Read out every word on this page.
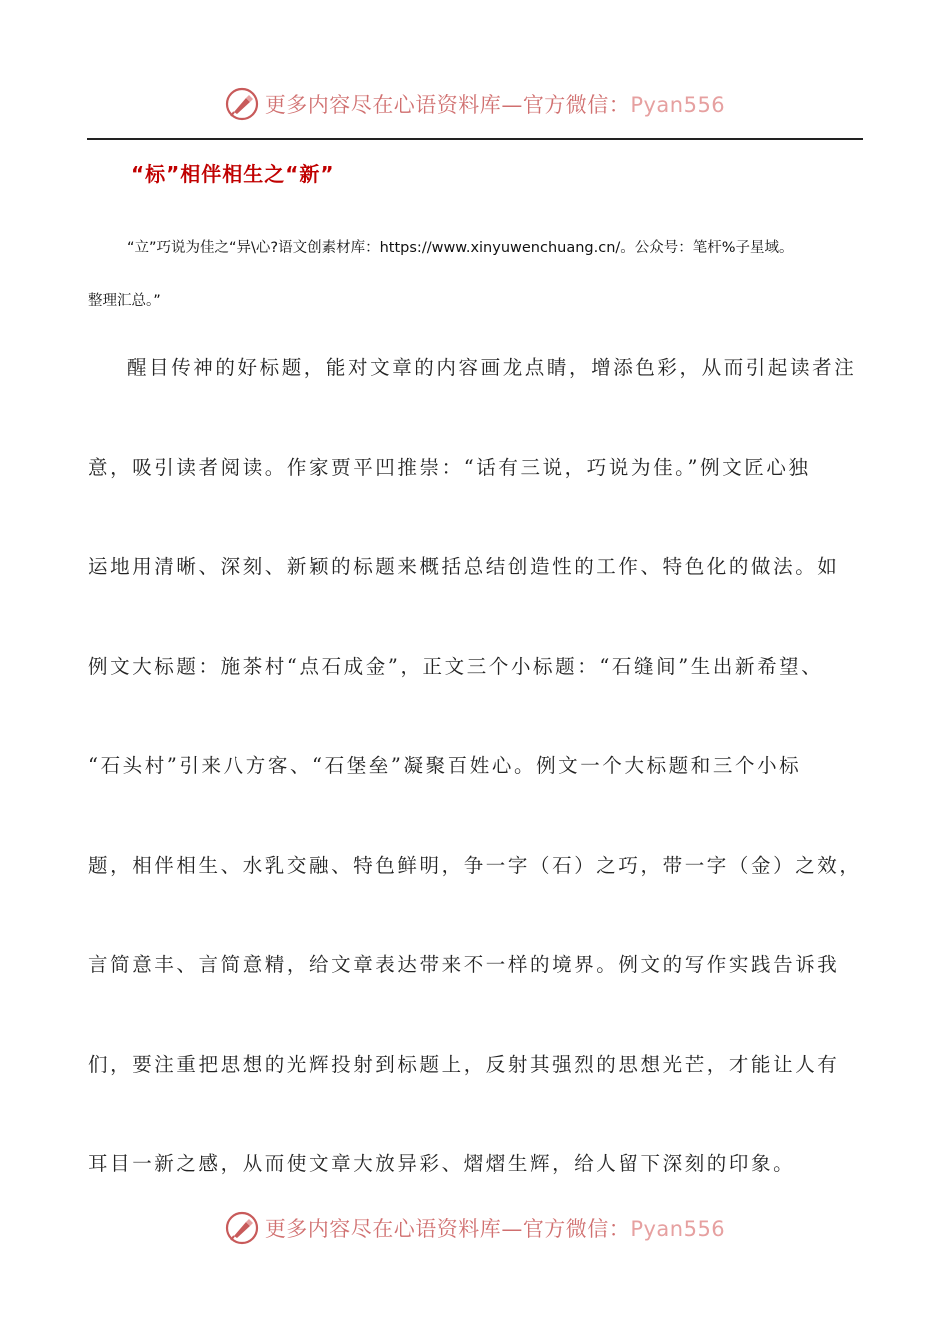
更多内容尽在心语资料库—官方微信：Pyan556
“标”相伴相生之“新”
“立”巧说为佳之“异\心?语文创素材库：https://www.xinyuwenchuang.cn/。公众号：笔杆%子星域。
整理汇总。”
醒目传神的好标题，能对文章的内容画龙点睛，增添色彩，从而引起读者注
意，吸引读者阅读。作家贾平凹推崇：“话有三说，巧说为佳。”例文匠心独
运地用清晰、深刻、新颖的标题来概括总结创造性的工作、特色化的做法。如
例文大标题：施茶村“点石成金”，正文三个小标题：“石缝间”生出新希望、
“石头村”引来八方客、“石堡垒”凝聚百姓心。例文一个大标题和三个小标
题，相伴相生、水乳交融、特色鲜明，争一字（石）之巧，带一字（金）之效，
言简意丰、言简意精，给文章表达带来不一样的境界。例文的写作实践告诉我
们，要注重把思想的光辉投射到标题上，反射其强烈的思想光芒，才能让人有
耳目一新之感，从而使文章大放异彩、熠熠生辉，给人留下深刻的印象。
更多内容尽在心语资料库—官方微信：Pyan556
